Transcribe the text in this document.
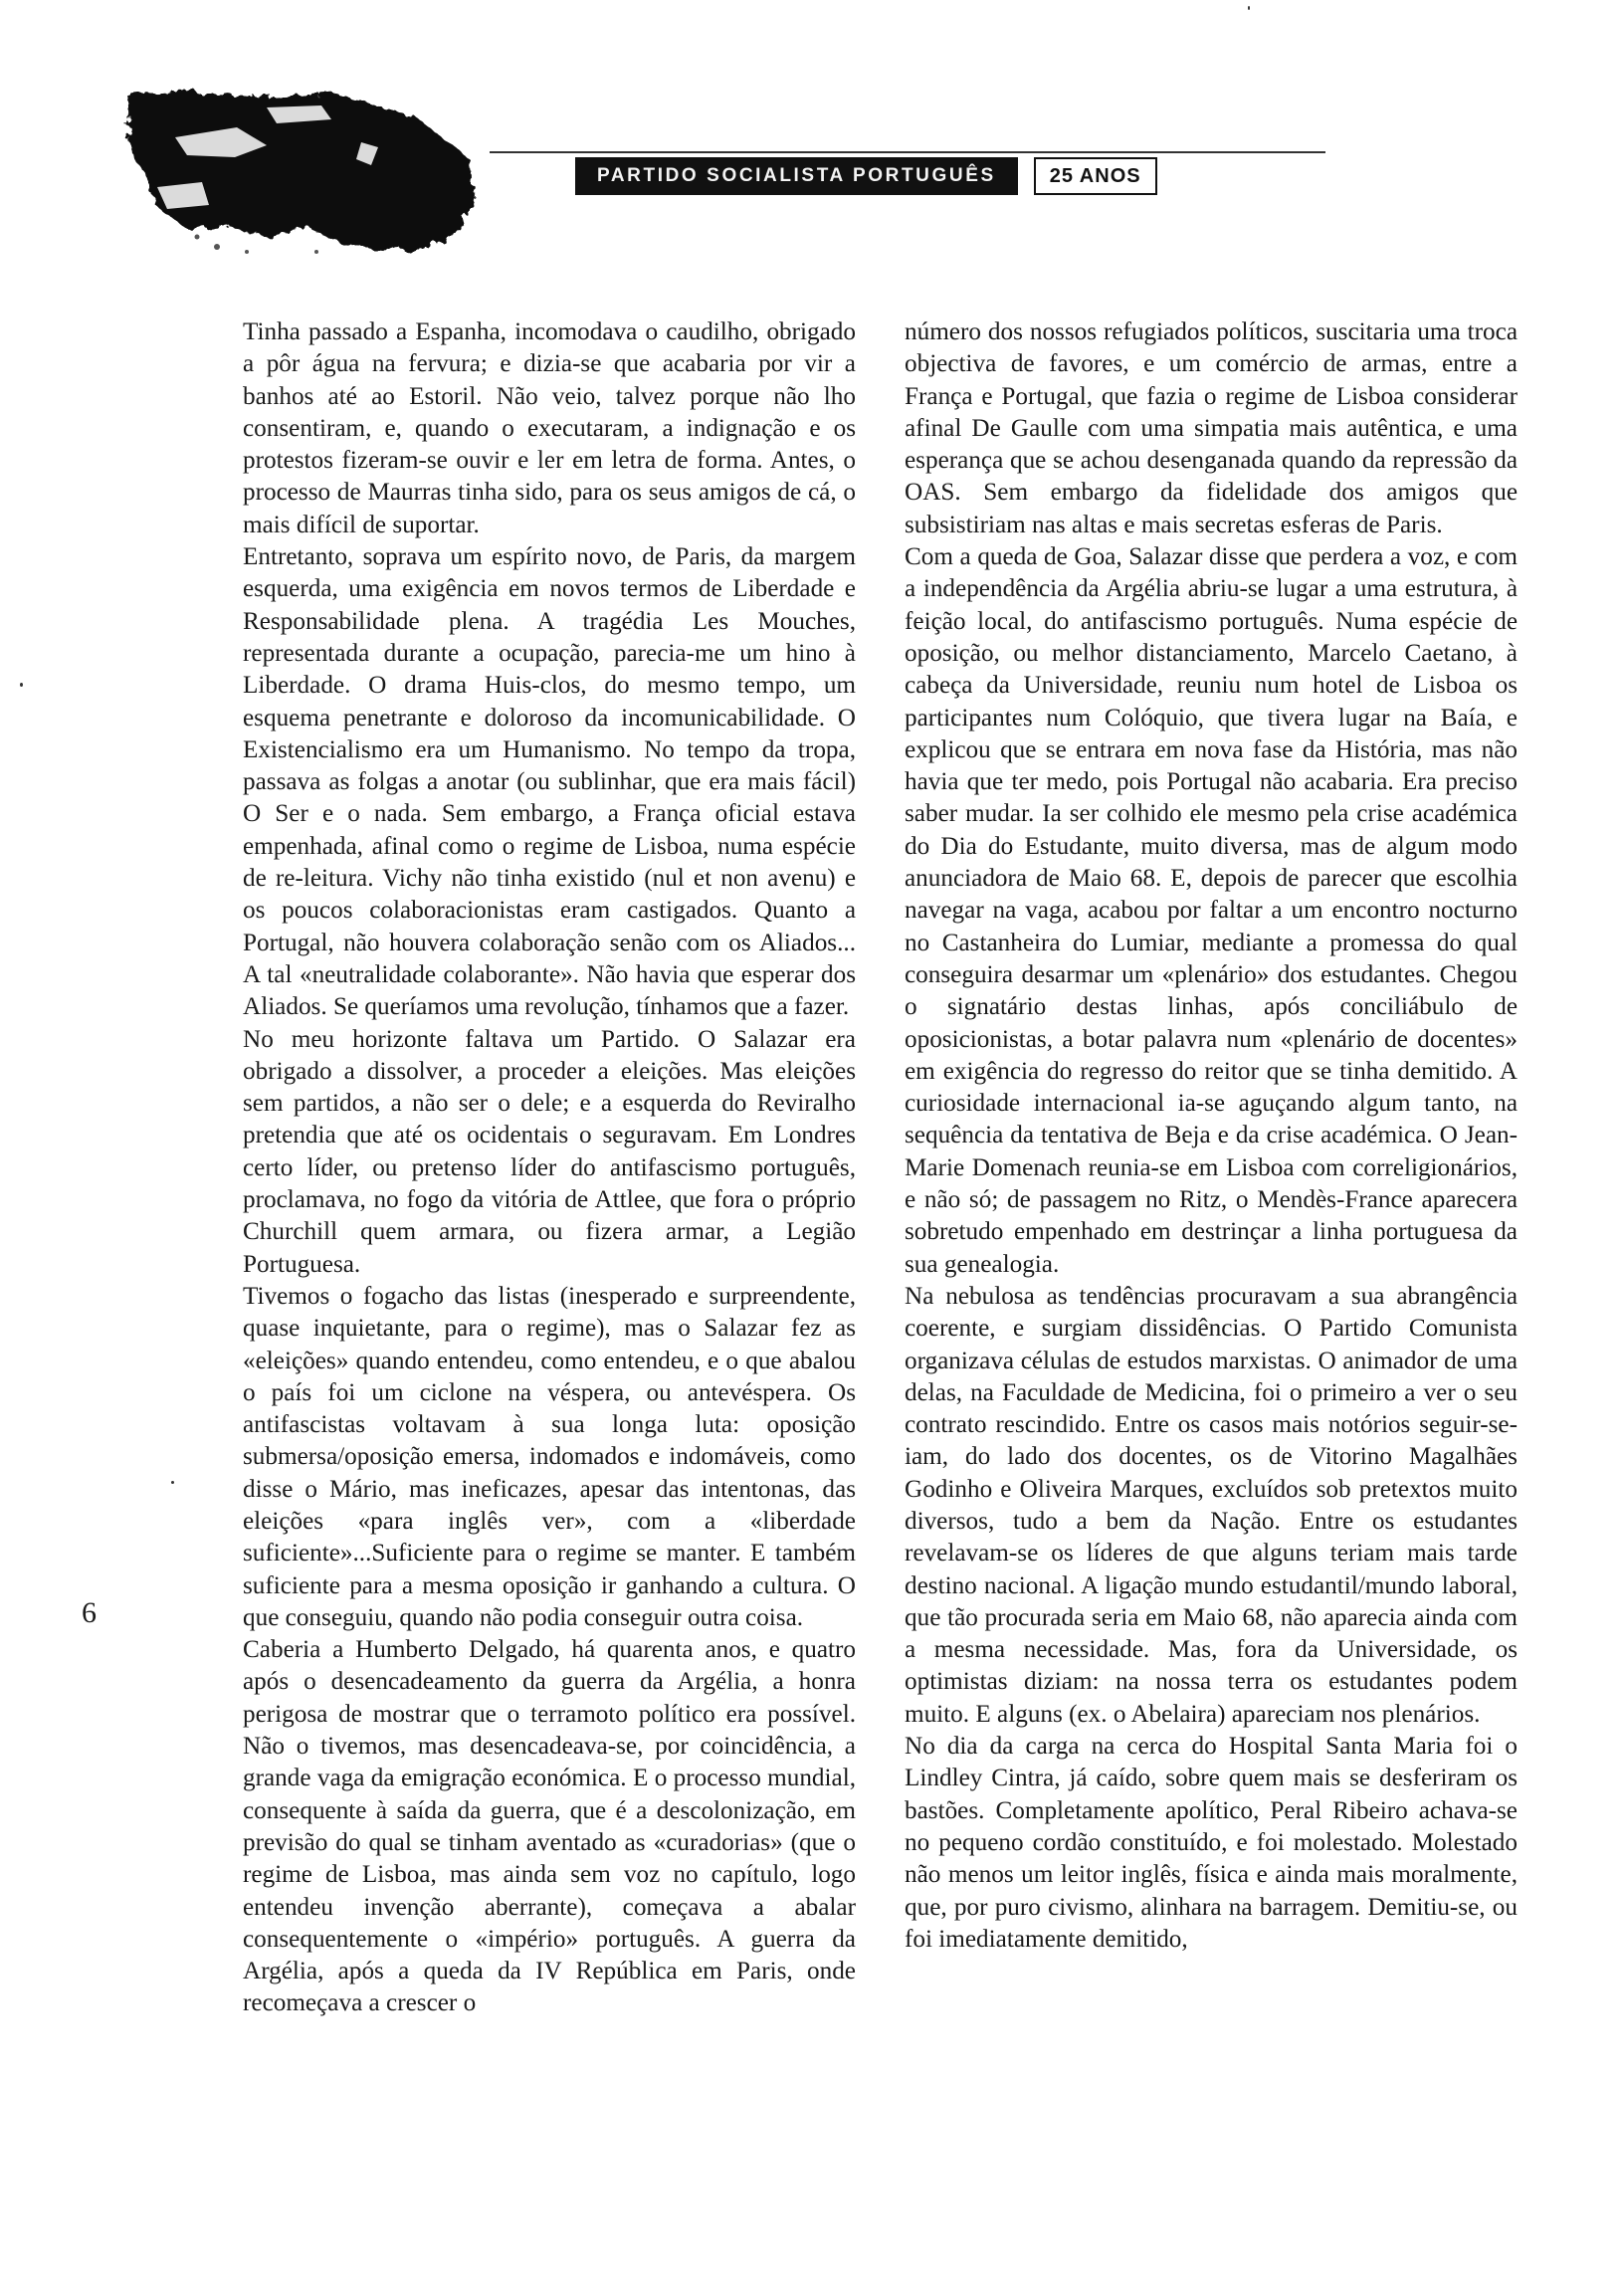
PARTIDO SOCIALISTA PORTUGUÊS	25 ANOS

Tinha passado a Espanha, incomodava o caudilho, obrigado a pôr água na fervura; e dizia-se que acabaria por vir a banhos até ao Estoril. Não veio, talvez porque não lho consentiram, e, quando o executaram, a indignação e os protestos fizeram-se ouvir e ler em letra de forma. Antes, o processo de Maurras tinha sido, para os seus amigos de cá, o mais difícil de suportar.

Entretanto, soprava um espírito novo, de Paris, da margem esquerda, uma exigência em novos termos de Liberdade e Responsabilidade plena. A tragédia Les Mouches, representada durante a ocupação, parecia-me um hino à Liberdade. O drama Huis-clos, do mesmo tempo, um esquema penetrante e doloroso da incomunicabilidade. O Existencialismo era um Humanismo. No tempo da tropa, passava as folgas a anotar (ou sublinhar, que era mais fácil) O Ser e o nada. Sem embargo, a França oficial estava empenhada, afinal como o regime de Lisboa, numa espécie de re-leitura. Vichy não tinha existido (nul et non avenu) e os poucos colaboracionistas eram castigados. Quanto a Portugal, não houvera colaboração senão com os Aliados... A tal «neutralidade colaborante». Não havia que esperar dos Aliados. Se queríamos uma revolução, tínhamos que a fazer.

No meu horizonte faltava um Partido. O Salazar era obrigado a dissolver, a proceder a eleições. Mas eleições sem partidos, a não ser o dele; e a esquerda do Reviralho pretendia que até os ocidentais o seguravam. Em Londres certo líder, ou pretenso líder do antifascismo português, proclamava, no fogo da vitória de Attlee, que fora o próprio Churchill quem armara, ou fizera armar, a Legião Portuguesa.

Tivemos o fogacho das listas (inesperado e surpreendente, quase inquietante, para o regime), mas o Salazar fez as «eleições» quando entendeu, como entendeu, e o que abalou o país foi um ciclone na véspera, ou antevéspera. Os antifascistas voltavam à sua longa luta: oposição submersa/oposição emersa, indomados e indomáveis, como disse o Mário, mas ineficazes, apesar das intentonas, das eleições «para inglês ver», com a «liberdade suficiente»...Suficiente para o regime se manter. E também suficiente para a mesma oposição ir ganhando a cultura. O que conseguiu, quando não podia conseguir outra coisa.

Caberia a Humberto Delgado, há quarenta anos, e quatro após o desencadeamento da guerra da Argélia, a honra perigosa de mostrar que o terramoto político era possível. Não o tivemos, mas desencadeava-se, por coincidência, a grande vaga da emigração económica. E o processo mundial, consequente à saída da guerra, que é a descolonização, em previsão do qual se tinham aventado as «curadorias» (que o regime de Lisboa, mas ainda sem voz no capítulo, logo entendeu invenção aberrante), começava a abalar consequentemente o «império» português. A guerra da Argélia, após a queda da IV República em Paris, onde recomeçava a crescer o

número dos nossos refugiados políticos, suscitaria uma troca objectiva de favores, e um comércio de armas, entre a França e Portugal, que fazia o regime de Lisboa considerar afinal De Gaulle com uma simpatia mais autêntica, e uma esperança que se achou desenganada quando da repressão da OAS. Sem embargo da fidelidade dos amigos que subsistiriam nas altas e mais secretas esferas de Paris.

Com a queda de Goa, Salazar disse que perdera a voz, e com a independência da Argélia abriu-se lugar a uma estrutura, à feição local, do antifascismo português. Numa espécie de oposição, ou melhor distanciamento, Marcelo Caetano, à cabeça da Universidade, reuniu num hotel de Lisboa os participantes num Colóquio, que tivera lugar na Baía, e explicou que se entrara em nova fase da História, mas não havia que ter medo, pois Portugal não acabaria. Era preciso saber mudar. Ia ser colhido ele mesmo pela crise académica do Dia do Estudante, muito diversa, mas de algum modo anunciadora de Maio 68. E, depois de parecer que escolhia navegar na vaga, acabou por faltar a um encontro nocturno no Castanheira do Lumiar, mediante a promessa do qual conseguira desarmar um «plenário» dos estudantes. Chegou o signatário destas linhas, após conciliábulo de oposicionistas, a botar palavra num «plenário de docentes» em exigência do regresso do reitor que se tinha demitido. A curiosidade internacional ia-se aguçando algum tanto, na sequência da tentativa de Beja e da crise académica. O Jean-Marie Domenach reunia-se em Lisboa com correligionários, e não só; de passagem no Ritz, o Mendès-France aparecera sobretudo empenhado em destrinçar a linha portuguesa da sua genealogia.

Na nebulosa as tendências procuravam a sua abrangência coerente, e surgiam dissidências. O Partido Comunista organizava células de estudos marxistas. O animador de uma delas, na Faculdade de Medicina, foi o primeiro a ver o seu contrato rescindido. Entre os casos mais notórios seguir-se-iam, do lado dos docentes, os de Vitorino Magalhães Godinho e Oliveira Marques, excluídos sob pretextos muito diversos, tudo a bem da Nação. Entre os estudantes revelavam-se os líderes de que alguns teriam mais tarde destino nacional. A ligação mundo estudantil/mundo laboral, que tão procurada seria em Maio 68, não aparecia ainda com a mesma necessidade. Mas, fora da Universidade, os optimistas diziam: na nossa terra os estudantes podem muito. E alguns (ex. o Abelaira) apareciam nos plenários.

No dia da carga na cerca do Hospital Santa Maria foi o Lindley Cintra, já caído, sobre quem mais se desferiram os bastões. Completamente apolítico, Peral Ribeiro achava-se no pequeno cordão constituído, e foi molestado. Molestado não menos um leitor inglês, física e ainda mais moralmente, que, por puro civismo, alinhara na barragem. Demitiu-se, ou foi imediatamente demitido,

6
